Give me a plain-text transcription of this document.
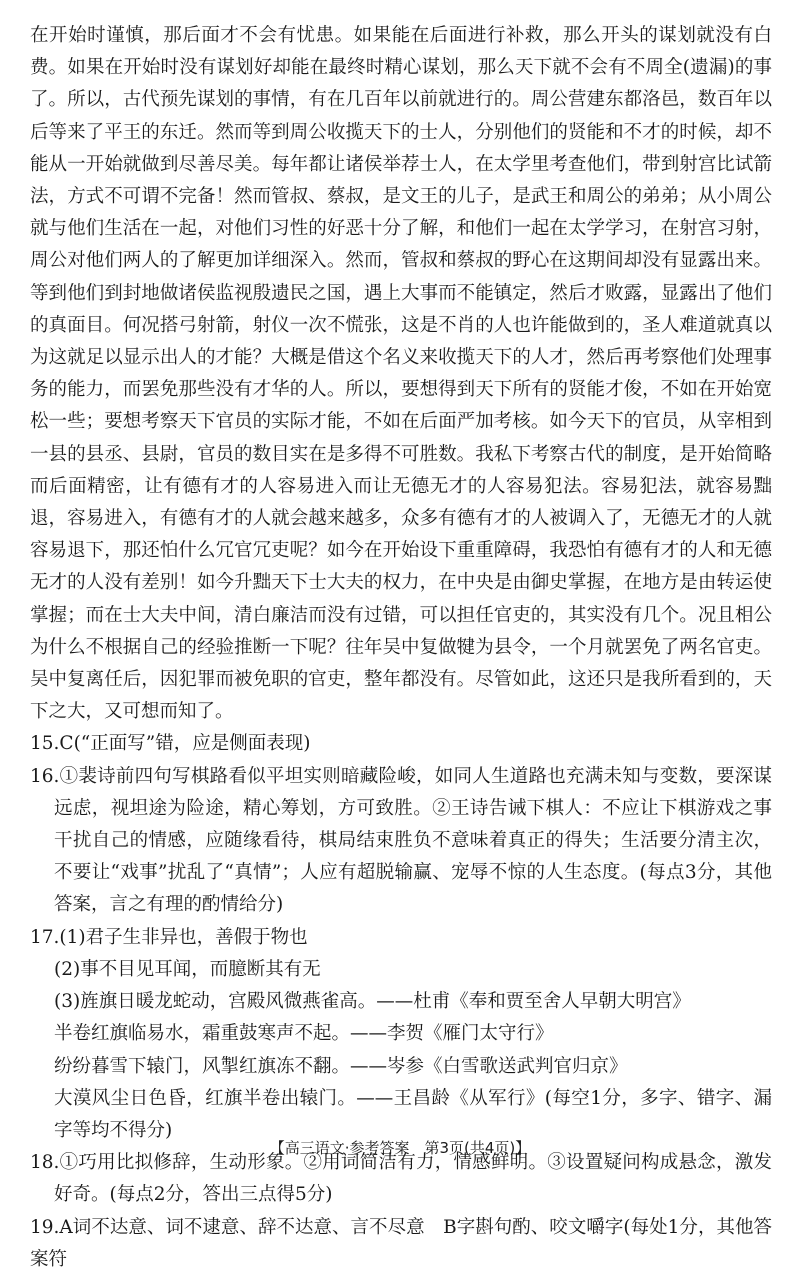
在开始时谨慎，那后面才不会有忧患。如果能在后面进行补救，那么开头的谋划就没有白费。如果在开始时没有谋划好却能在最终时精心谋划，那么天下就不会有不周全(遗漏)的事了。所以，古代预先谋划的事情，有在几百年以前就进行的。周公营建东都洛邑，数百年以后等来了平王的东迁。然而等到周公收揽天下的士人，分别他们的贤能和不才的时候，却不能从一开始就做到尽善尽美。每年都让诸侯举荐士人，在太学里考查他们，带到射宫比试箭法，方式不可谓不完备！然而管叔、蔡叔，是文王的儿子，是武王和周公的弟弟；从小周公就与他们生活在一起，对他们习性的好恶十分了解，和他们一起在太学学习，在射宫习射，周公对他们两人的了解更加详细深入。然而，管叔和蔡叔的野心在这期间却没有显露出来。等到他们到封地做诸侯监视殷遗民之国，遇上大事而不能镇定，然后才败露，显露出了他们的真面目。何况搭弓射箭，射仪一次不慌张，这是不肖的人也许能做到的，圣人难道就真以为这就足以显示出人的才能？大概是借这个名义来收揽天下的人才，然后再考察他们处理事务的能力，而罢免那些没有才华的人。所以，要想得到天下所有的贤能才俊，不如在开始宽松一些；要想考察天下官员的实际才能，不如在后面严加考核。如今天下的官员，从宰相到一县的县丞、县尉，官员的数目实在是多得不可胜数。我私下考察古代的制度，是开始简略而后面精密，让有德有才的人容易进入而让无德无才的人容易犯法。容易犯法，就容易黜退，容易进入，有德有才的人就会越来越多，众多有德有才的人被调入了，无德无才的人就容易退下，那还怕什么冗官冗吏呢？如今在开始设下重重障碍，我恐怕有德有才的人和无德无才的人没有差别！如今升黜天下士大夫的权力，在中央是由御史掌握，在地方是由转运使掌握；而在士大夫中间，清白廉洁而没有过错，可以担任官吏的，其实没有几个。况且相公为什么不根据自己的经验推断一下呢？往年吴中复做犍为县令，一个月就罢免了两名官吏。吴中复离任后，因犯罪而被免职的官吏，整年都没有。尽管如此，这还只是我所看到的，天下之大，又可想而知了。

15.C(“正面写”错，应是侧面表现)

16.①裴诗前四句写棋路看似平坦实则暗藏险峻，如同人生道路也充满未知与变数，要深谋远虑，视坦途为险途，精心筹划，方可致胜。②王诗告诫下棋人：不应让下棋游戏之事干扰自己的情感，应随缘看待，棋局结束胜负不意味着真正的得失；生活要分清主次，不要让“戏事”扰乱了“真情”；人应有超脱输赢、宠辱不惊的人生态度。(每点3分，其他答案，言之有理的酌情给分)

17.(1)君子生非异也，善假于物也

(2)事不目见耳闻，而臆断其有无

(3)旌旗日暖龙蛇动，宫殿风微燕雀高。——杜甫《奉和贾至舍人早朝大明宫》

半卷红旗临易水，霜重鼓寒声不起。——李贺《雁门太守行》

纷纷暮雪下辕门，风掣红旗冻不翻。——岑参《白雪歌送武判官归京》

大漠风尘日色昏，红旗半卷出辕门。——王昌龄《从军行》(每空1分，多字、错字、漏字等均不得分)

18.①巧用比拟修辞，生动形象。②用词简洁有力，情感鲜明。③设置疑问构成悬念，激发好奇。(每点2分，答出三点得5分)

19.A词不达意、词不逮意、辞不达意、言不尽意　B字斟句酌、咬文嚼字(每处1分，其他答案符

【高三语文·参考答案　第3页(共4页)】
